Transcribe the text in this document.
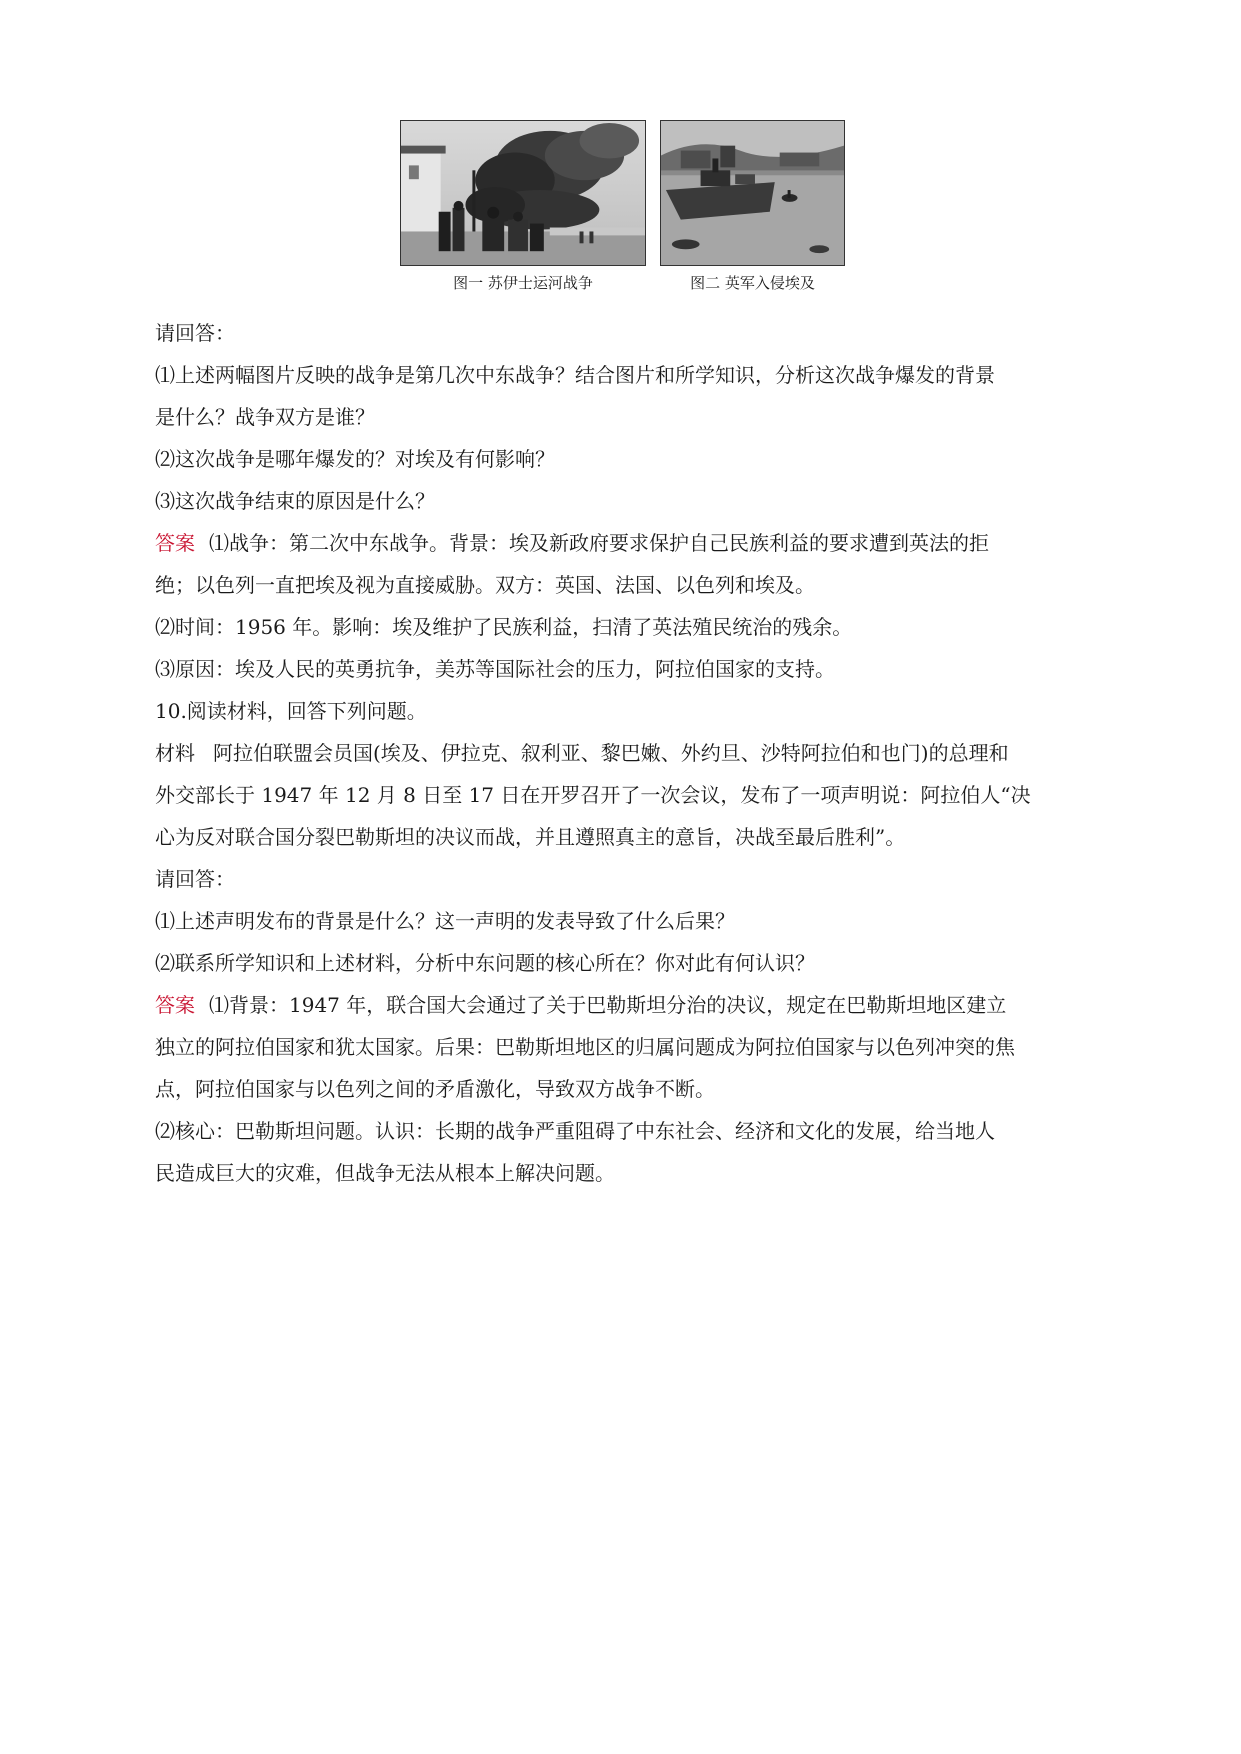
图一 苏伊士运河战争	图二 英军入侵埃及
请回答：
⑴上述两幅图片反映的战争是第几次中东战争？结合图片和所学知识，分析这次战争爆发的背景
是什么？战争双方是谁？
⑵这次战争是哪年爆发的？对埃及有何影响？
⑶这次战争结束的原因是什么？
答案 ⑴战争：第二次中东战争。背景：埃及新政府要求保护自己民族利益的要求遭到英法的拒
绝；以色列一直把埃及视为直接威胁。双方：英国、法国、以色列和埃及。
⑵时间：1956 年。影响：埃及维护了民族利益，扫清了英法殖民统治的残余。
⑶原因：埃及人民的英勇抗争，美苏等国际社会的压力，阿拉伯国家的支持。
10.阅读材料，回答下列问题。
材料 阿拉伯联盟会员国(埃及、伊拉克、叙利亚、黎巴嫩、外约旦、沙特阿拉伯和也门)的总理和
外交部长于 1947 年 12 月 8 日至 17 日在开罗召开了一次会议，发布了一项声明说：阿拉伯人“决
心为反对联合国分裂巴勒斯坦的决议而战，并且遵照真主的意旨，决战至最后胜利”。
请回答：
⑴上述声明发布的背景是什么？这一声明的发表导致了什么后果？
⑵联系所学知识和上述材料，分析中东问题的核心所在？你对此有何认识？
答案 ⑴背景：1947 年，联合国大会通过了关于巴勒斯坦分治的决议，规定在巴勒斯坦地区建立
独立的阿拉伯国家和犹太国家。后果：巴勒斯坦地区的归属问题成为阿拉伯国家与以色列冲突的焦
点，阿拉伯国家与以色列之间的矛盾激化，导致双方战争不断。
⑵核心：巴勒斯坦问题。认识：长期的战争严重阻碍了中东社会、经济和文化的发展，给当地人
民造成巨大的灾难，但战争无法从根本上解决问题。
